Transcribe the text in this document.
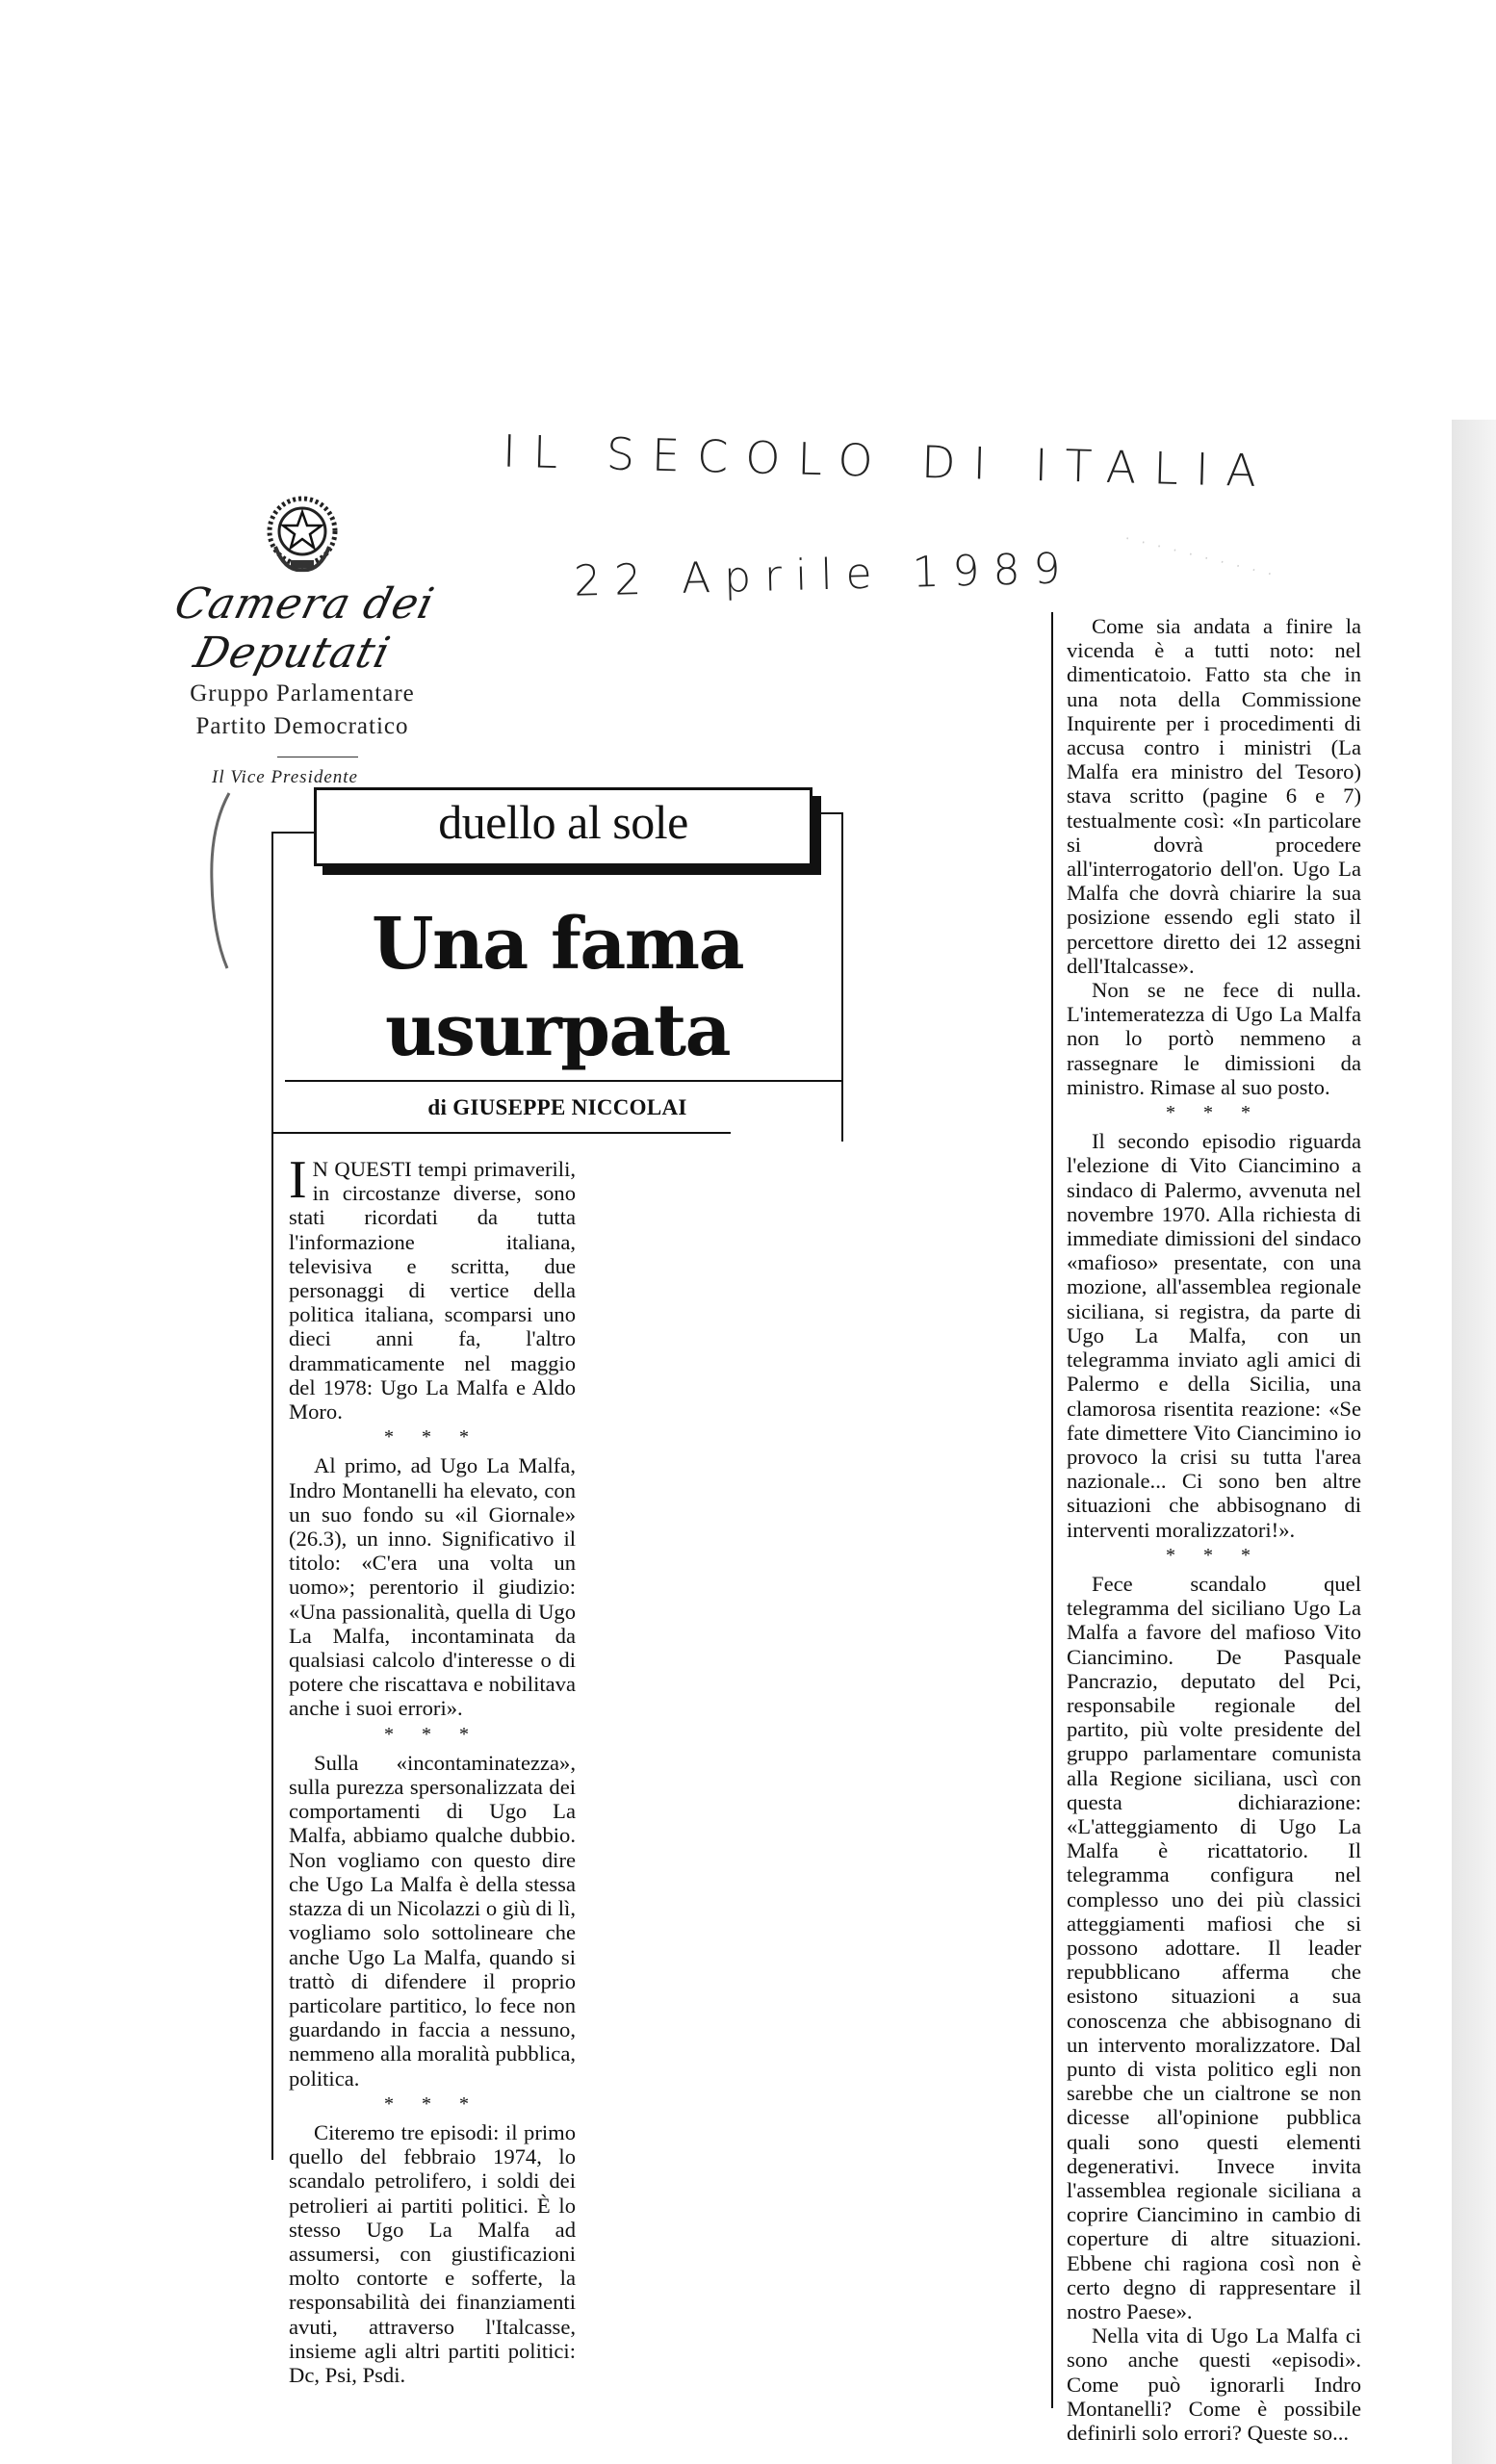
IL SECOLO DI ITALIA
22 Aprile 1989
Camera dei Deputati
Gruppo Parlamentare
Partito Democratico
Il Vice Presidente
· · · · · · · · · ·
duello al sole
Una fama
usurpata
di GIUSEPPE NICCOLAI

IN QUESTI tempi primaverili, in circostanze diverse, sono stati ricordati da tutta l'informazione italiana, televisiva e scritta, due personaggi di vertice della politica italiana, scomparsi uno dieci anni fa, l'altro drammaticamente nel maggio del 1978: Ugo La Malfa e Aldo Moro.

* * *

Al primo, ad Ugo La Malfa, Indro Montanelli ha elevato, con un suo fondo su «il Giornale» (26.3), un inno. Significativo il titolo: «C'era una volta un uomo»; perentorio il giudizio: «Una passionalità, quella di Ugo La Malfa, incontaminata da qualsiasi calcolo d'interesse o di potere che riscattava e nobilitava anche i suoi errori».

* * *

Sulla «incontaminatezza», sulla purezza spersonalizzata dei comportamenti di Ugo La Malfa, abbiamo qualche dubbio. Non vogliamo con questo dire che Ugo La Malfa è della stessa stazza di un Nicolazzi o giù di lì, vogliamo solo sottolineare che anche Ugo La Malfa, quando si trattò di difendere il proprio particolare partitico, lo fece non guardando in faccia a nessuno, nemmeno alla moralità pubblica, politica.

* * *

Citeremo tre episodi: il primo quello del febbraio 1974, lo scandalo petrolifero, i soldi dei petrolieri ai partiti politici. È lo stesso Ugo La Malfa ad assumersi, con giustificazioni molto contorte e sofferte, la responsabilità dei finanziamenti avuti, attraverso l'Italcasse, insieme agli altri partiti politici: Dc, Psi, Psdi.

Come sia andata a finire la vicenda è a tutti noto: nel dimenticatoio. Fatto sta che in una nota della Commissione Inquirente per i procedimenti di accusa contro i ministri (La Malfa era ministro del Tesoro) stava scritto (pagine 6 e 7) testualmente così: «In particolare si dovrà procedere all'interrogatorio dell'on. Ugo La Malfa che dovrà chiarire la sua posizione essendo egli stato il percettore diretto dei 12 assegni dell'Italcasse».

Non se ne fece di nulla. L'intemeratezza di Ugo La Malfa non lo portò nemmeno a rassegnare le dimissioni da ministro. Rimase al suo posto.

* * *

Il secondo episodio riguarda l'elezione di Vito Ciancimino a sindaco di Palermo, avvenuta nel novembre 1970. Alla richiesta di immediate dimissioni del sindaco «mafioso» presentate, con una mozione, all'assemblea regionale siciliana, si registra, da parte di Ugo La Malfa, con un telegramma inviato agli amici di Palermo e della Sicilia, una clamorosa risentita reazione: «Se fate dimettere Vito Ciancimino io provoco la crisi su tutta l'area nazionale... Ci sono ben altre situazioni che abbisognano di interventi moralizzatori!».

* * *

Fece scandalo quel telegramma del siciliano Ugo La Malfa a favore del mafioso Vito Ciancimino. De Pasquale Pancrazio, deputato del Pci, responsabile regionale del partito, più volte presidente del gruppo parlamentare comunista alla Regione siciliana, uscì con questa dichiarazione: «L'atteggiamento di Ugo La Malfa è ricattatorio. Il telegramma configura nel complesso uno dei più classici atteggiamenti mafiosi che si possono adottare. Il leader repubblicano afferma che esistono situazioni a sua conoscenza che abbisognano di un intervento moralizzatore. Dal punto di vista politico egli non sarebbe che un cialtrone se non dicesse all'opinione pubblica quali sono questi elementi degenerativi. Invece invita l'assemblea regionale siciliana a coprire Ciancimino in cambio di coperture di altre situazioni. Ebbene chi ragiona così non è certo degno di rappresentare il nostro Paese».

Nella vita di Ugo La Malfa ci sono anche questi «episodi». Come può ignorarli Indro Montanelli? Come è possibile definirli solo errori? Queste so...
